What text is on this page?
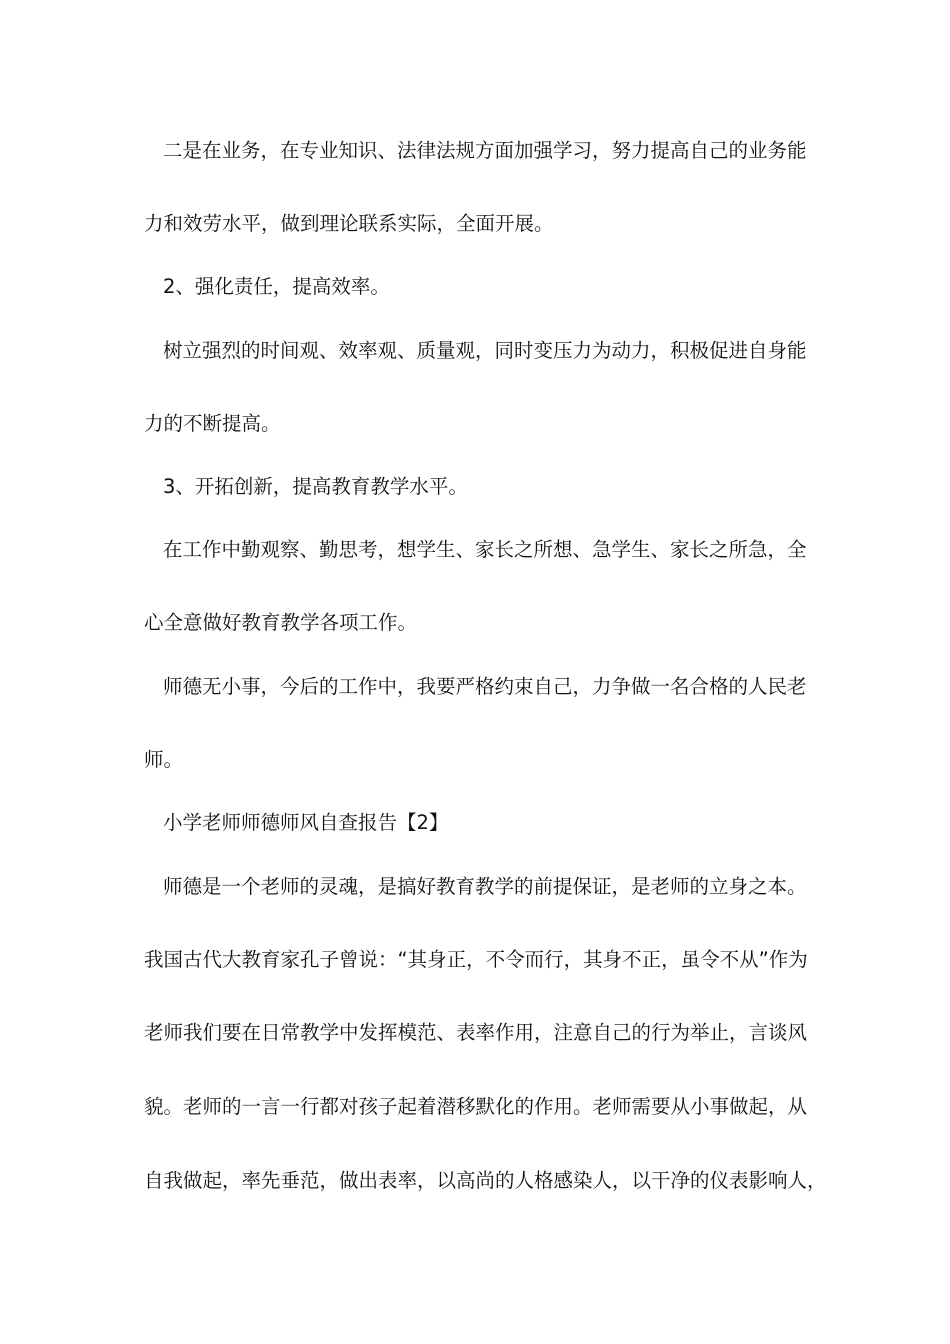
二是在业务，在专业知识、法律法规方面加强学习，努力提高自己的业务能
力和效劳水平，做到理论联系实际，全面开展。
2、强化责任，提高效率。
树立强烈的时间观、效率观、质量观，同时变压力为动力，积极促进自身能
力的不断提高。
3、开拓创新，提高教育教学水平。
在工作中勤观察、勤思考，想学生、家长之所想、急学生、家长之所急，全
心全意做好教育教学各项工作。
师德无小事，今后的工作中，我要严格约束自己，力争做一名合格的人民老
师。
小学老师师德师风自查报告【2】
师德是一个老师的灵魂，是搞好教育教学的前提保证，是老师的立身之本。
我国古代大教育家孔子曾说：“其身正，不令而行，其身不正，虽令不从”作为
老师我们要在日常教学中发挥模范、表率作用，注意自己的行为举止，言谈风
貌。老师的一言一行都对孩子起着潜移默化的作用。老师需要从小事做起，从
自我做起，率先垂范，做出表率，以高尚的人格感染人，以干净的仪表影响人，
